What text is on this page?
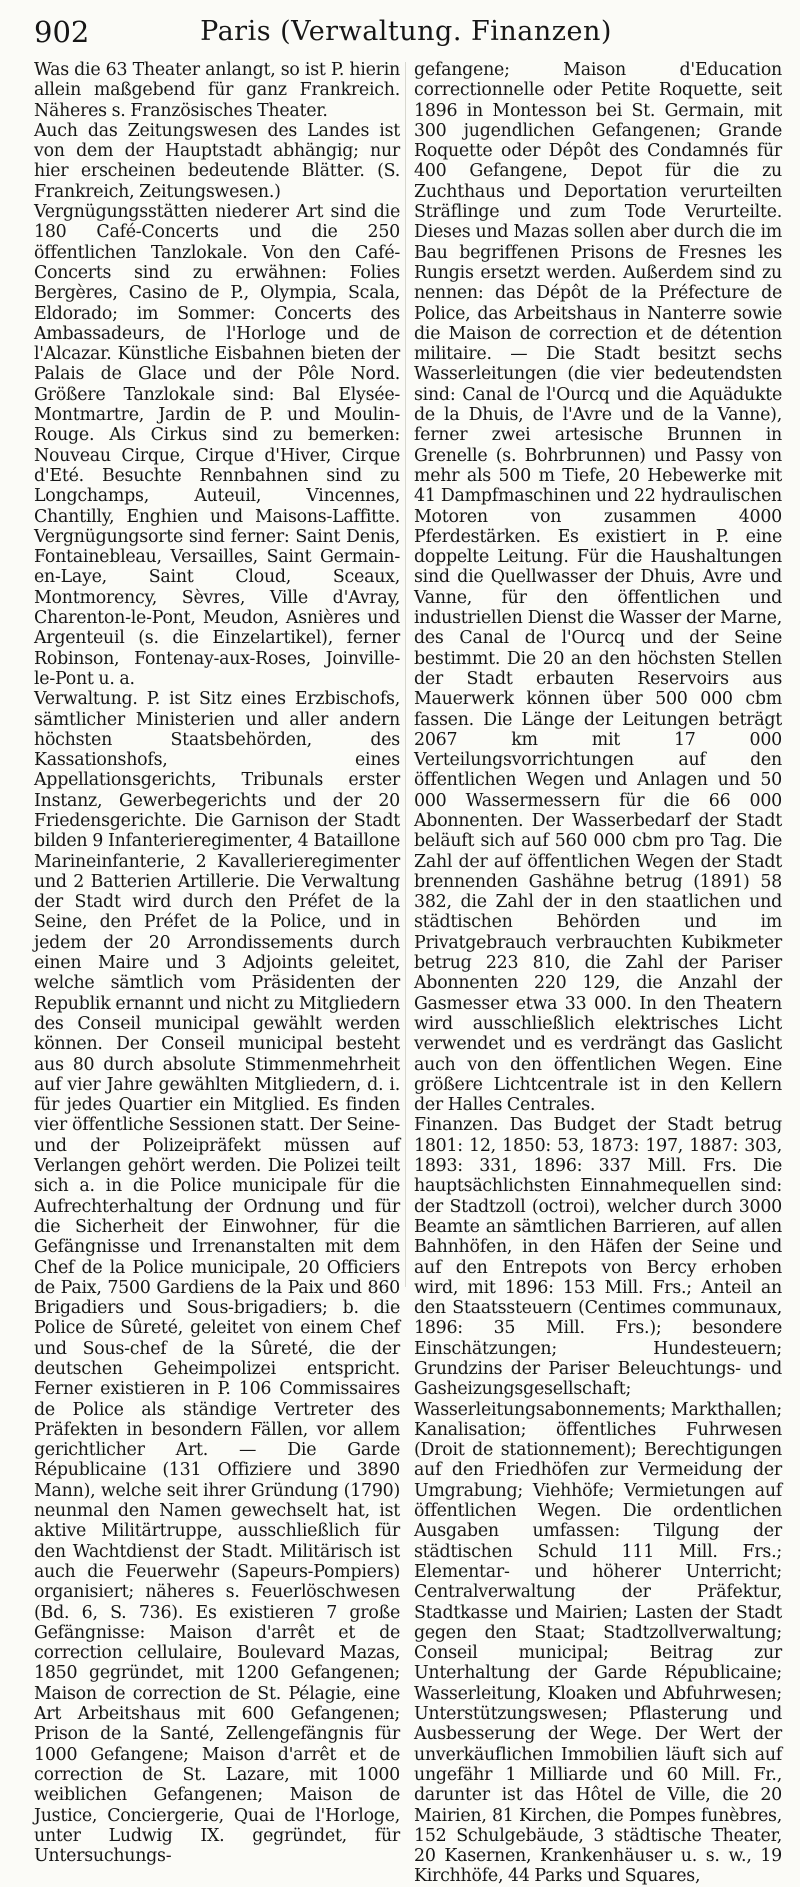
902	Paris (Verwaltung. Finanzen)

Was die 63 Theater anlangt, so ist P. hierin allein maßgebend für ganz Frankreich. Näheres s. Französisches Theater.

Auch das Zeitungswesen des Landes ist von dem der Hauptstadt abhängig; nur hier erscheinen bedeutende Blätter. (S. Frankreich, Zeitungswesen.)

Vergnügungsstätten niederer Art sind die 180 Café-Concerts und die 250 öffentlichen Tanzlokale. Von den Café-Concerts sind zu erwähnen: Folies Bergères, Casino de P., Olympia, Scala, Eldorado; im Sommer: Concerts des Ambassadeurs, de l'Horloge und de l'Alcazar. Künstliche Eisbahnen bieten der Palais de Glace und der Pôle Nord. Größere Tanzlokale sind: Bal Elysée-Montmartre, Jardin de P. und Moulin-Rouge. Als Cirkus sind zu bemerken: Nouveau Cirque, Cirque d'Hiver, Cirque d'Eté. Besuchte Rennbahnen sind zu Longchamps, Auteuil, Vincennes, Chantilly, Enghien und Maisons-Laffitte. Vergnügungsorte sind ferner: Saint Denis, Fontainebleau, Versailles, Saint Germain-en-Laye, Saint Cloud, Sceaux, Montmorency, Sèvres, Ville d'Avray, Charenton-le-Pont, Meudon, Asnières und Argenteuil (s. die Einzelartikel), ferner Robinson, Fontenay-aux-Roses, Joinville-le-Pont u. a.

Verwaltung. P. ist Sitz eines Erzbischofs, sämtlicher Ministerien und aller andern höchsten Staatsbehörden, des Kassationshofs, eines Appellationsgerichts, Tribunals erster Instanz, Gewerbegerichts und der 20 Friedensgerichte. Die Garnison der Stadt bilden 9 Infanterieregimenter, 4 Bataillone Marineinfanterie, 2 Kavallerieregimenter und 2 Batterien Artillerie. Die Verwaltung der Stadt wird durch den Préfet de la Seine, den Préfet de la Police, und in jedem der 20 Arrondissements durch einen Maire und 3 Adjoints geleitet, welche sämtlich vom Präsidenten der Republik ernannt und nicht zu Mitgliedern des Conseil municipal gewählt werden können. Der Conseil municipal besteht aus 80 durch absolute Stimmenmehrheit auf vier Jahre gewählten Mitgliedern, d. i. für jedes Quartier ein Mitglied. Es finden vier öffentliche Sessionen statt. Der Seine- und der Polizeipräfekt müssen auf Verlangen gehört werden. Die Polizei teilt sich a. in die Police municipale für die Aufrechterhaltung der Ordnung und für die Sicherheit der Einwohner, für die Gefängnisse und Irrenanstalten mit dem Chef de la Police municipale, 20 Officiers de Paix, 7500 Gardiens de la Paix und 860 Brigadiers und Sous-brigadiers; b. die Police de Sûreté, geleitet von einem Chef und Sous-chef de la Sûreté, die der deutschen Geheimpolizei entspricht. Ferner existieren in P. 106 Commissaires de Police als ständige Vertreter des Präfekten in besondern Fällen, vor allem gerichtlicher Art. — Die Garde Républicaine (131 Offiziere und 3890 Mann), welche seit ihrer Gründung (1790) neunmal den Namen gewechselt hat, ist aktive Militärtruppe, ausschließlich für den Wachtdienst der Stadt. Militärisch ist auch die Feuerwehr (Sapeurs-Pompiers) organisiert; näheres s. Feuerlöschwesen (Bd. 6, S. 736). Es existieren 7 große Gefängnisse: Maison d'arrêt et de correction cellulaire, Boulevard Mazas, 1850 gegründet, mit 1200 Gefangenen; Maison de correction de St. Pélagie, eine Art Arbeitshaus mit 600 Gefangenen; Prison de la Santé, Zellengefängnis für 1000 Gefangene; Maison d'arrêt et de correction de St. Lazare, mit 1000 weiblichen Gefangenen; Maison de Justice, Conciergerie, Quai de l'Horloge, unter Ludwig IX. gegründet, für Untersuchungs-

gefangene; Maison d'Education correctionnelle oder Petite Roquette, seit 1896 in Montesson bei St. Germain, mit 300 jugendlichen Gefangenen; Grande Roquette oder Dépôt des Condamnés für 400 Gefangene, Depot für die zu Zuchthaus und Deportation verurteilten Sträflinge und zum Tode Verurteilte. Dieses und Mazas sollen aber durch die im Bau begriffenen Prisons de Fresnes les Rungis ersetzt werden. Außerdem sind zu nennen: das Dépôt de la Préfecture de Police, das Arbeitshaus in Nanterre sowie die Maison de correction et de détention militaire. — Die Stadt besitzt sechs Wasserleitungen (die vier bedeutendsten sind: Canal de l'Ourcq und die Aquädukte de la Dhuis, de l'Avre und de la Vanne), ferner zwei artesische Brunnen in Grenelle (s. Bohrbrunnen) und Passy von mehr als 500 m Tiefe, 20 Hebewerke mit 41 Dampfmaschinen und 22 hydraulischen Motoren von zusammen 4000 Pferdestärken. Es existiert in P. eine doppelte Leitung. Für die Haushaltungen sind die Quellwasser der Dhuis, Avre und Vanne, für den öffentlichen und industriellen Dienst die Wasser der Marne, des Canal de l'Ourcq und der Seine bestimmt. Die 20 an den höchsten Stellen der Stadt erbauten Reservoirs aus Mauerwerk können über 500 000 cbm fassen. Die Länge der Leitungen beträgt 2067 km mit 17 000 Verteilungsvorrichtungen auf den öffentlichen Wegen und Anlagen und 50 000 Wassermessern für die 66 000 Abonnenten. Der Wasserbedarf der Stadt beläuft sich auf 560 000 cbm pro Tag. Die Zahl der auf öffentlichen Wegen der Stadt brennenden Gashähne betrug (1891) 58 382, die Zahl der in den staatlichen und städtischen Behörden und im Privatgebrauch verbrauchten Kubikmeter betrug 223 810, die Zahl der Pariser Abonnenten 220 129, die Anzahl der Gasmesser etwa 33 000. In den Theatern wird ausschließlich elektrisches Licht verwendet und es verdrängt das Gaslicht auch von den öffentlichen Wegen. Eine größere Lichtcentrale ist in den Kellern der Halles Centrales.

Finanzen. Das Budget der Stadt betrug 1801: 12, 1850: 53, 1873: 197, 1887: 303, 1893: 331, 1896: 337 Mill. Frs. Die hauptsächlichsten Einnahmequellen sind: der Stadtzoll (octroi), welcher durch 3000 Beamte an sämtlichen Barrieren, auf allen Bahnhöfen, in den Häfen der Seine und auf den Entrepots von Bercy erhoben wird, mit 1896: 153 Mill. Frs.; Anteil an den Staatssteuern (Centimes communaux, 1896: 35 Mill. Frs.); besondere Einschätzungen; Hundesteuern; Grundzins der Pariser Beleuchtungs- und Gasheizungsgesellschaft; Wasserleitungsabonnements; Markthallen; Kanalisation; öffentliches Fuhrwesen (Droit de stationnement); Berechtigungen auf den Friedhöfen zur Vermeidung der Umgrabung; Viehhöfe; Vermietungen auf öffentlichen Wegen. Die ordentlichen Ausgaben umfassen: Tilgung der städtischen Schuld 111 Mill. Frs.; Elementar- und höherer Unterricht; Centralverwaltung der Präfektur, Stadtkasse und Mairien; Lasten der Stadt gegen den Staat; Stadtzollverwaltung; Conseil municipal; Beitrag zur Unterhaltung der Garde Républicaine; Wasserleitung, Kloaken und Abfuhrwesen; Unterstützungswesen; Pflasterung und Ausbesserung der Wege. Der Wert der unverkäuflichen Immobilien läuft sich auf ungefähr 1 Milliarde und 60 Mill. Fr., darunter ist das Hôtel de Ville, die 20 Mairien, 81 Kirchen, die Pompes funèbres, 152 Schulgebäude, 3 städtische Theater, 20 Kasernen, Krankenhäuser u. s. w., 19 Kirchhöfe, 44 Parks und Squares,
